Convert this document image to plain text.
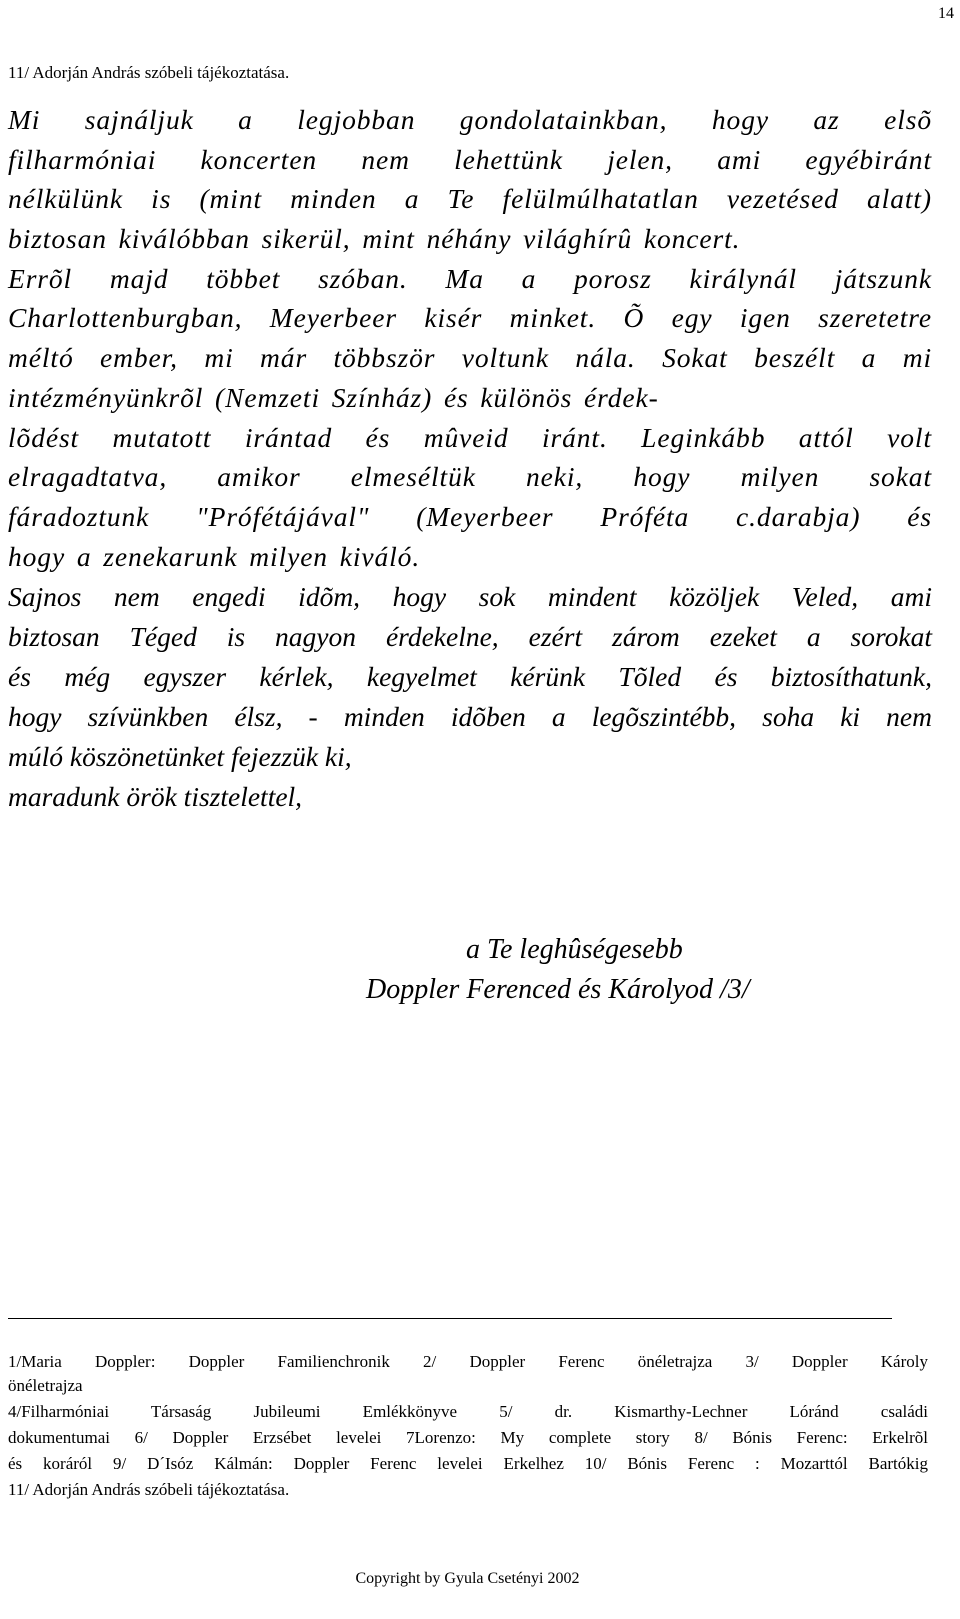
14
11/ Adorján András szóbeli tájékoztatása.
Mi sajnáljuk a legjobban gondolatainkban, hogy az elsõ
filharmóniai koncerten nem lehettünk jelen, ami egyébiránt
nélkülünk is (mint minden a Te felülmúlhatatlan vezetésed alatt)
biztosan kiválóbban sikerül, mint néhány világhírû koncert.
Errõl majd többet szóban. Ma a porosz királynál játszunk
Charlottenburgban, Meyerbeer kisér minket. Õ egy igen szeretetre
méltó ember, mi már többször voltunk nála. Sokat beszélt a mi
intézményünkrõl (Nemzeti Színház) és különös érdek-
lõdést mutatott irántad és mûveid iránt. Leginkább attól volt
elragadtatva, amikor elmeséltük neki, hogy milyen sokat
fáradoztunk "Prófétájával" (Meyerbeer Próféta c.darabja) és
hogy a zenekarunk milyen kiváló.
Sajnos nem engedi idõm, hogy sok mindent közöljek Veled, ami
biztosan Téged is nagyon érdekelne, ezért zárom ezeket a sorokat
és még egyszer kérlek, kegyelmet kérünk Tõled és biztosíthatunk,
hogy szívünkben élsz, - minden idõben a legõszintébb, soha ki nem
múló köszönetünket fejezzük ki,
maradunk örök tisztelettel,
a Te leghûségesebb
Doppler Ferenced és Károlyod /3/
1/Maria Doppler: Doppler Familienchronik 2/ Doppler Ferenc önéletrajza 3/ Doppler Károly
önéletrajza
4/Filharmóniai Társaság Jubileumi Emlékkönyve 5/ dr. Kismarthy-Lechner Lóránd családi
dokumentumai 6/ Doppler Erzsébet levelei 7Lorenzo: My complete story 8/ Bónis Ferenc: Erkelrõl
és koráról 9/ D´Isóz Kálmán: Doppler Ferenc levelei Erkelhez 10/ Bónis Ferenc : Mozarttól Bartókig
11/ Adorján András szóbeli tájékoztatása.
Copyright by Gyula Csetényi 2002
